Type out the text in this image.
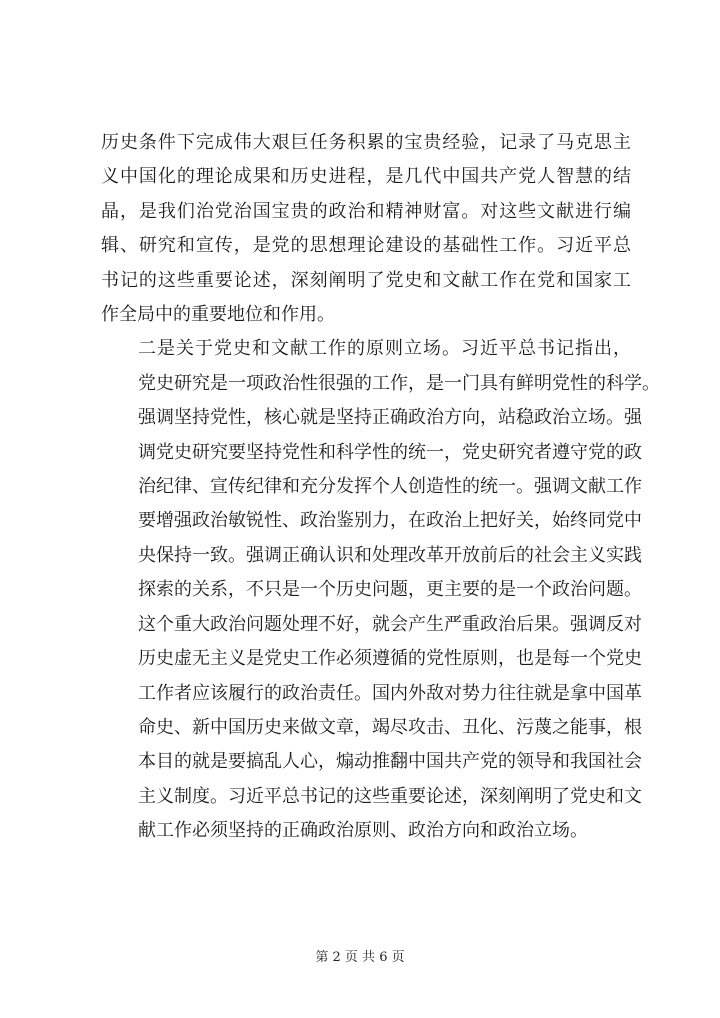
历史条件下完成伟大艰巨任务积累的宝贵经验，记录了马克思主
义中国化的理论成果和历史进程，是几代中国共产党人智慧的结
晶，是我们治党治国宝贵的政治和精神财富。对这些文献进行编
辑、研究和宣传，是党的思想理论建设的基础性工作。习近平总
书记的这些重要论述，深刻阐明了党史和文献工作在党和国家工
作全局中的重要地位和作用。

二是关于党史和文献工作的原则立场。习近平总书记指出，
党史研究是一项政治性很强的工作，是一门具有鲜明党性的科学。
强调坚持党性，核心就是坚持正确政治方向，站稳政治立场。强
调党史研究要坚持党性和科学性的统一，党史研究者遵守党的政
治纪律、宣传纪律和充分发挥个人创造性的统一。强调文献工作
要增强政治敏锐性、政治鉴别力，在政治上把好关，始终同党中
央保持一致。强调正确认识和处理改革开放前后的社会主义实践
探索的关系，不只是一个历史问题，更主要的是一个政治问题。
这个重大政治问题处理不好，就会产生严重政治后果。强调反对
历史虚无主义是党史工作必须遵循的党性原则，也是每一个党史
工作者应该履行的政治责任。国内外敌对势力往往就是拿中国革
命史、新中国历史来做文章，竭尽攻击、丑化、污蔑之能事，根
本目的就是要搞乱人心，煽动推翻中国共产党的领导和我国社会
主义制度。习近平总书记的这些重要论述，深刻阐明了党史和文
献工作必须坚持的正确政治原则、政治方向和政治立场。

第 2 页 共 6 页
